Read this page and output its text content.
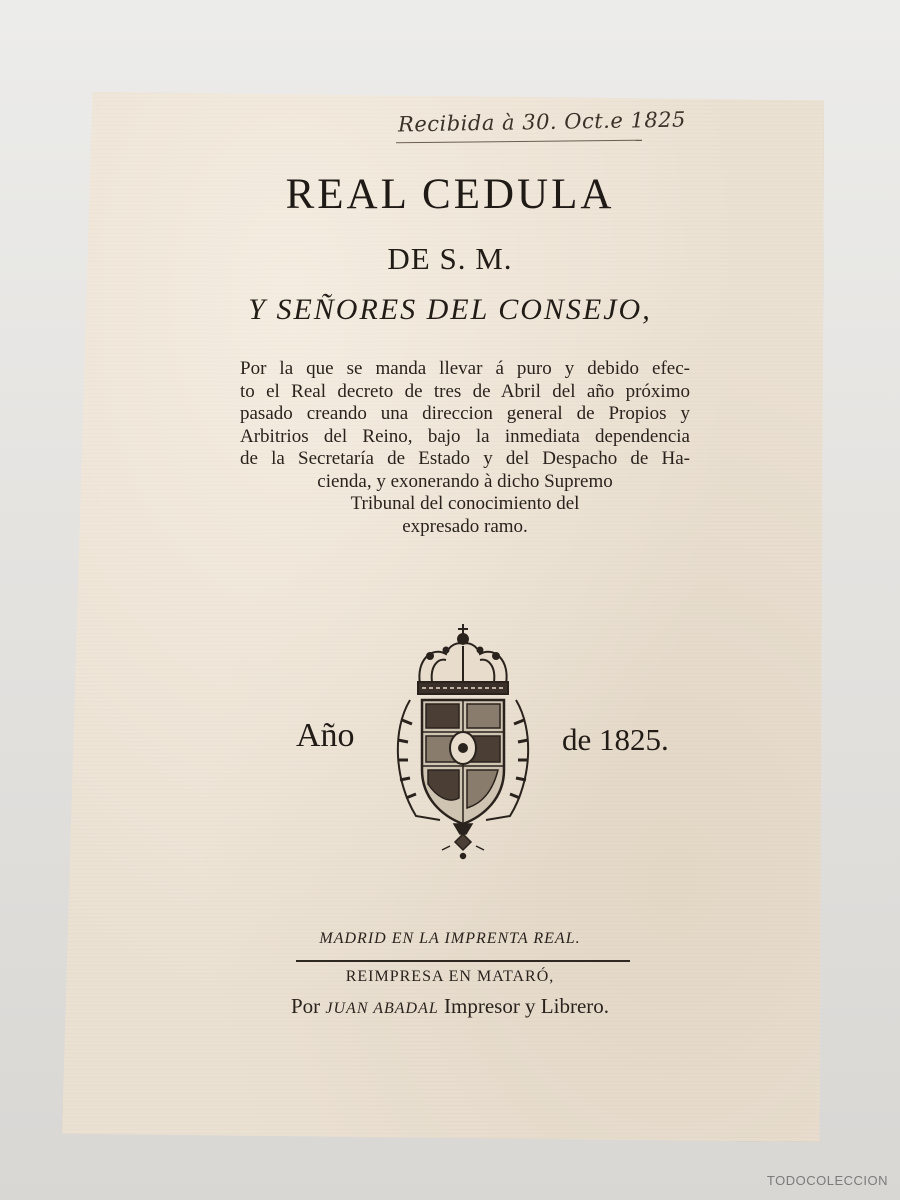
Recibida à 30. Oct.e 1825
REAL CEDULA
DE S. M.
Y SEÑORES DEL CONSEJO,
Por la que se manda llevar á puro y debido efec-
to el Real decreto de tres de Abril del año próximo
pasado creando una direccion general de Propios y
Arbitrios del Reino, bajo la inmediata dependencia
de la Secretaría de Estado y del Despacho de Ha-
cienda, y exonerando à dicho Supremo
Tribunal del conocimiento del
expresado ramo.
Año	de 1825.
MADRID EN LA IMPRENTA REAL.
REIMPRESA EN MATARÓ,
Por JUAN ABADAL Impresor y Librero.
TODOCOLECCION
